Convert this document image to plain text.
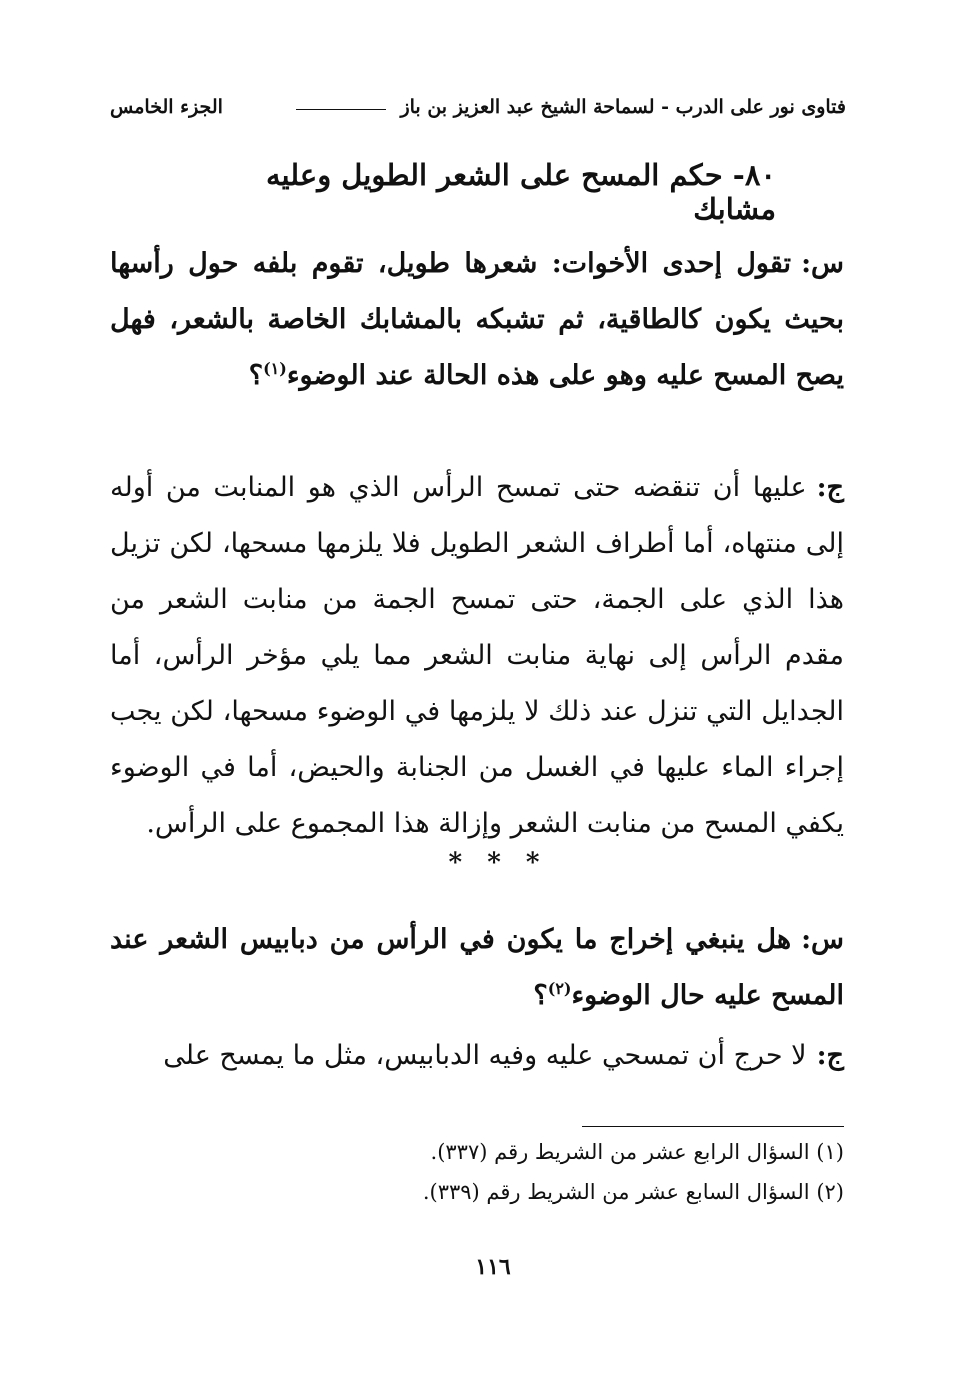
فتاوى نور على الدرب - لسماحة الشيخ عبد العزيز بن باز
الجزء الخامس
٨٠- حكم المسح على الشعر الطويل وعليه مشابك
س:تقول إحدى الأخوات: شعرها طويل، تقوم بلفه حول رأسها بحيث يكون كالطاقية، ثم تشبكه بالمشابك الخاصة بالشعر، فهل يصح المسح عليه وهو على هذه الحالة عند الوضوء$^{(١)}$؟
ج:عليها أن تنقضه حتى تمسح الرأس الذي هو المنابت من أوله إلى منتهاه، أما أطراف الشعر الطويل فلا يلزمها مسحها، لكن تزيل هذا الذي على الجمة، حتى تمسح الجمة من منابت الشعر من مقدم الرأس إلى نهاية منابت الشعر مما يلي مؤخر الرأس، أما الجدايل التي تنزل عند ذلك لا يلزمها في الوضوء مسحها، لكن يجب إجراء الماء عليها في الغسل من الجنابة والحيض، أما في الوضوء يكفي المسح من منابت الشعر وإزالة هذا المجموع على الرأس.
* * *
س:هل ينبغي إخراج ما يكون في الرأس من دبابيس الشعر عند المسح عليه حال الوضوء$^{(٢)}$؟
ج:لا حرج أن تمسحي عليه وفيه الدبابيس، مثل ما يمسح على
(١) السؤال الرابع عشر من الشريط رقم (٣٣٧).
(٢) السؤال السابع عشر من الشريط رقم (٣٣٩).
١١٦
